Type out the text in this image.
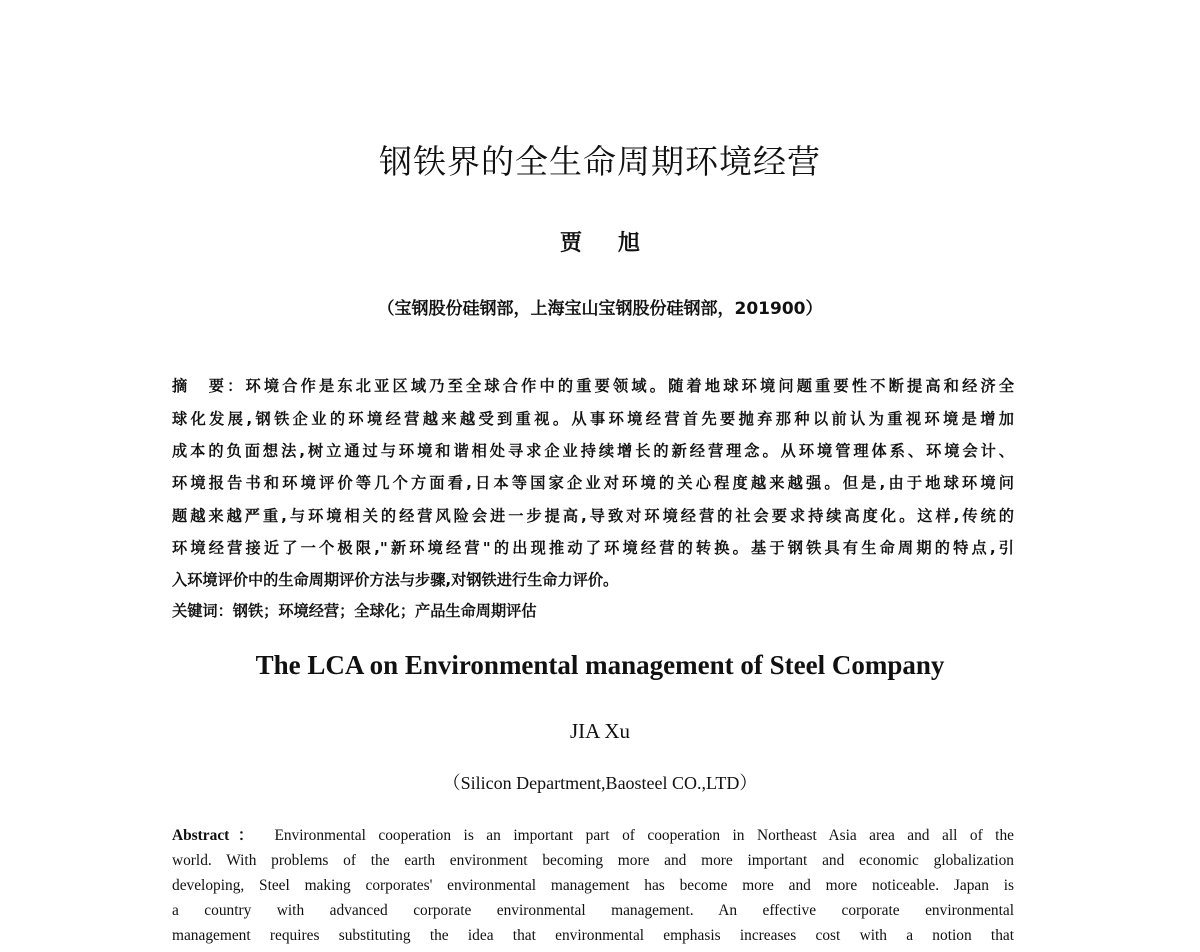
钢铁界的全生命周期环境经营
贾 旭
（宝钢股份硅钢部，上海宝山宝钢股份硅钢部，201900）
摘　要：环境合作是东北亚区域乃至全球合作中的重要领域。随着地球环境问题重要性不断提高和经济全
球化发展,钢铁企业的环境经营越来越受到重视。从事环境经营首先要抛弃那种以前认为重视环境是增加
成本的负面想法,树立通过与环境和谐相处寻求企业持续增长的新经营理念。从环境管理体系、环境会计、
环境报告书和环境评价等几个方面看,日本等国家企业对环境的关心程度越来越强。但是,由于地球环境问
题越来越严重,与环境相关的经营风险会进一步提高,导致对环境经营的社会要求持续高度化。这样,传统的
环境经营接近了一个极限,"新环境经营"的出现推动了环境经营的转换。基于钢铁具有生命周期的特点,引
入环境评价中的生命周期评价方法与步骤,对钢铁进行生命力评价。
关键词：钢铁；环境经营；全球化；产品生命周期评估
The LCA on Environmental management of Steel Company
JIA Xu
（Silicon Department,Baosteel CO.,LTD）
Abstract： Environmental cooperation is an important part of cooperation in Northeast Asia area and all of the
world. With problems of the earth environment becoming more and more important and economic globalization
developing, Steel making corporates' environmental management has become more and more noticeable. Japan is
a country with advanced corporate environmental management. An effective corporate environmental
management requires substituting the idea that environmental emphasis increases cost with a notion that
